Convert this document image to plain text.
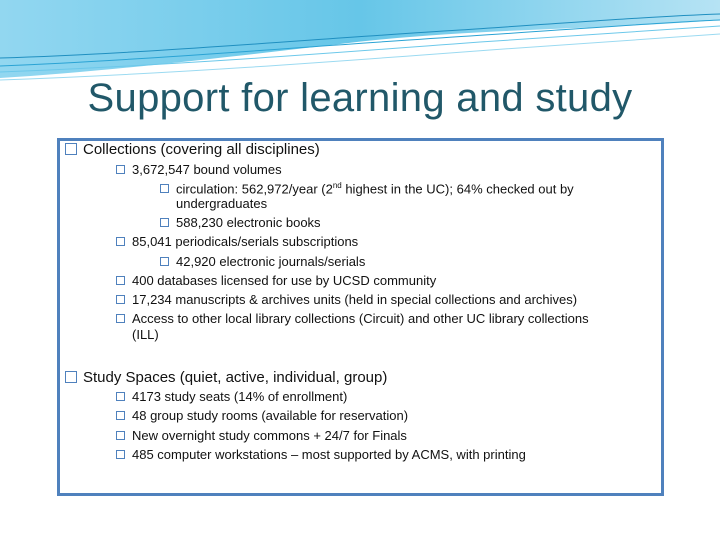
Support for learning and study
Collections (covering all disciplines)
3,672,547 bound volumes
circulation: 562,972/year (2nd highest in the UC); 64% checked out by
undergraduates
588,230 electronic books
85,041 periodicals/serials subscriptions
42,920 electronic journals/serials
400 databases licensed for use by UCSD community
17,234 manuscripts & archives units (held in special collections and archives)
Access to other local library collections (Circuit) and other UC library collections
(ILL)
Study Spaces (quiet, active, individual, group)
4173 study seats (14% of enrollment)
48 group study rooms (available for reservation)
New overnight study commons + 24/7 for Finals
485 computer workstations – most supported by ACMS, with printing
